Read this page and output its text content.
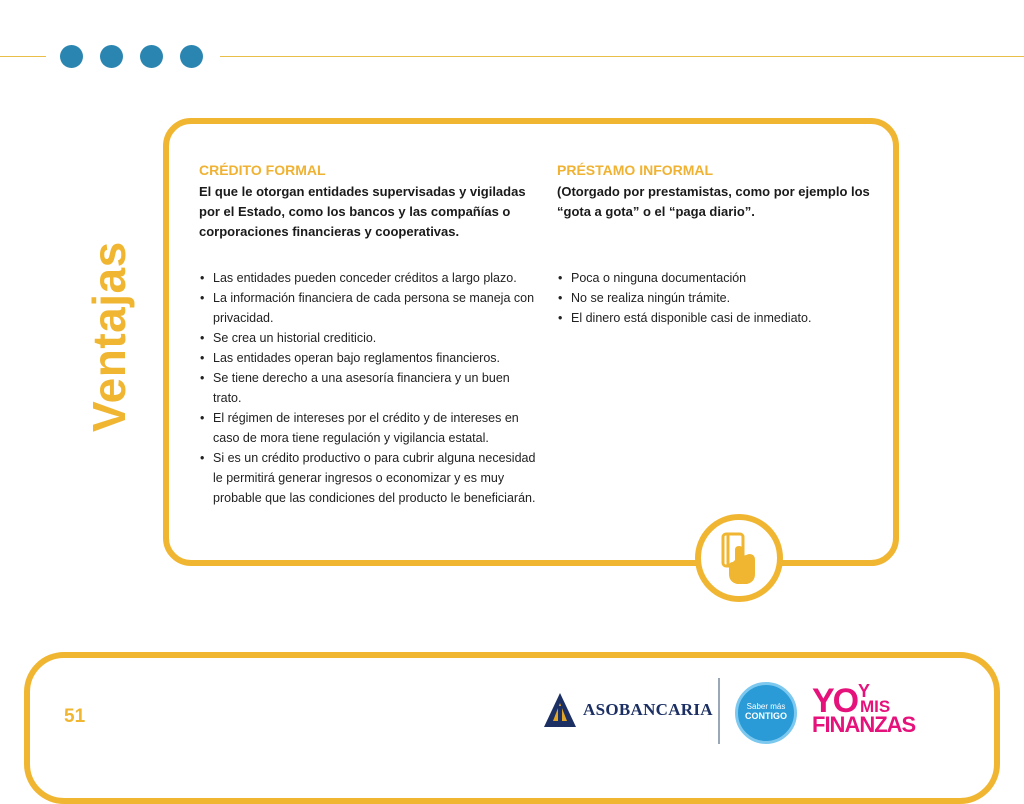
Ventajas

CRÉDITO FORMAL

El que le otorgan entidades supervisadas y vigiladas por el Estado, como los bancos y las compañías o corporaciones financieras y cooperativas.

• Las entidades pueden conceder créditos a largo plazo.
• La información financiera de cada persona se maneja con privacidad.
• Se crea un historial crediticio.
• Las entidades operan bajo reglamentos financieros.
• Se tiene derecho a una asesoría financiera y un buen trato.
• El régimen de intereses por el crédito y de intereses en caso de mora tiene regulación y vigilancia estatal.
• Si es un crédito productivo o para cubrir alguna necesidad le permitirá generar ingresos o economizar y es muy probable que las condiciones del producto le beneficiarán.

PRÉSTAMO INFORMAL

(Otorgado por prestamistas, como por ejemplo los “gota a gota” o el “paga diario”.

• Poca o ninguna documentación
• No se realiza ningún trámite.
• El dinero está disponible casi de inmediato.
51	ASOBANCARIA	Saber más
CONTIGO YO Y
MIS
FINANZAS
